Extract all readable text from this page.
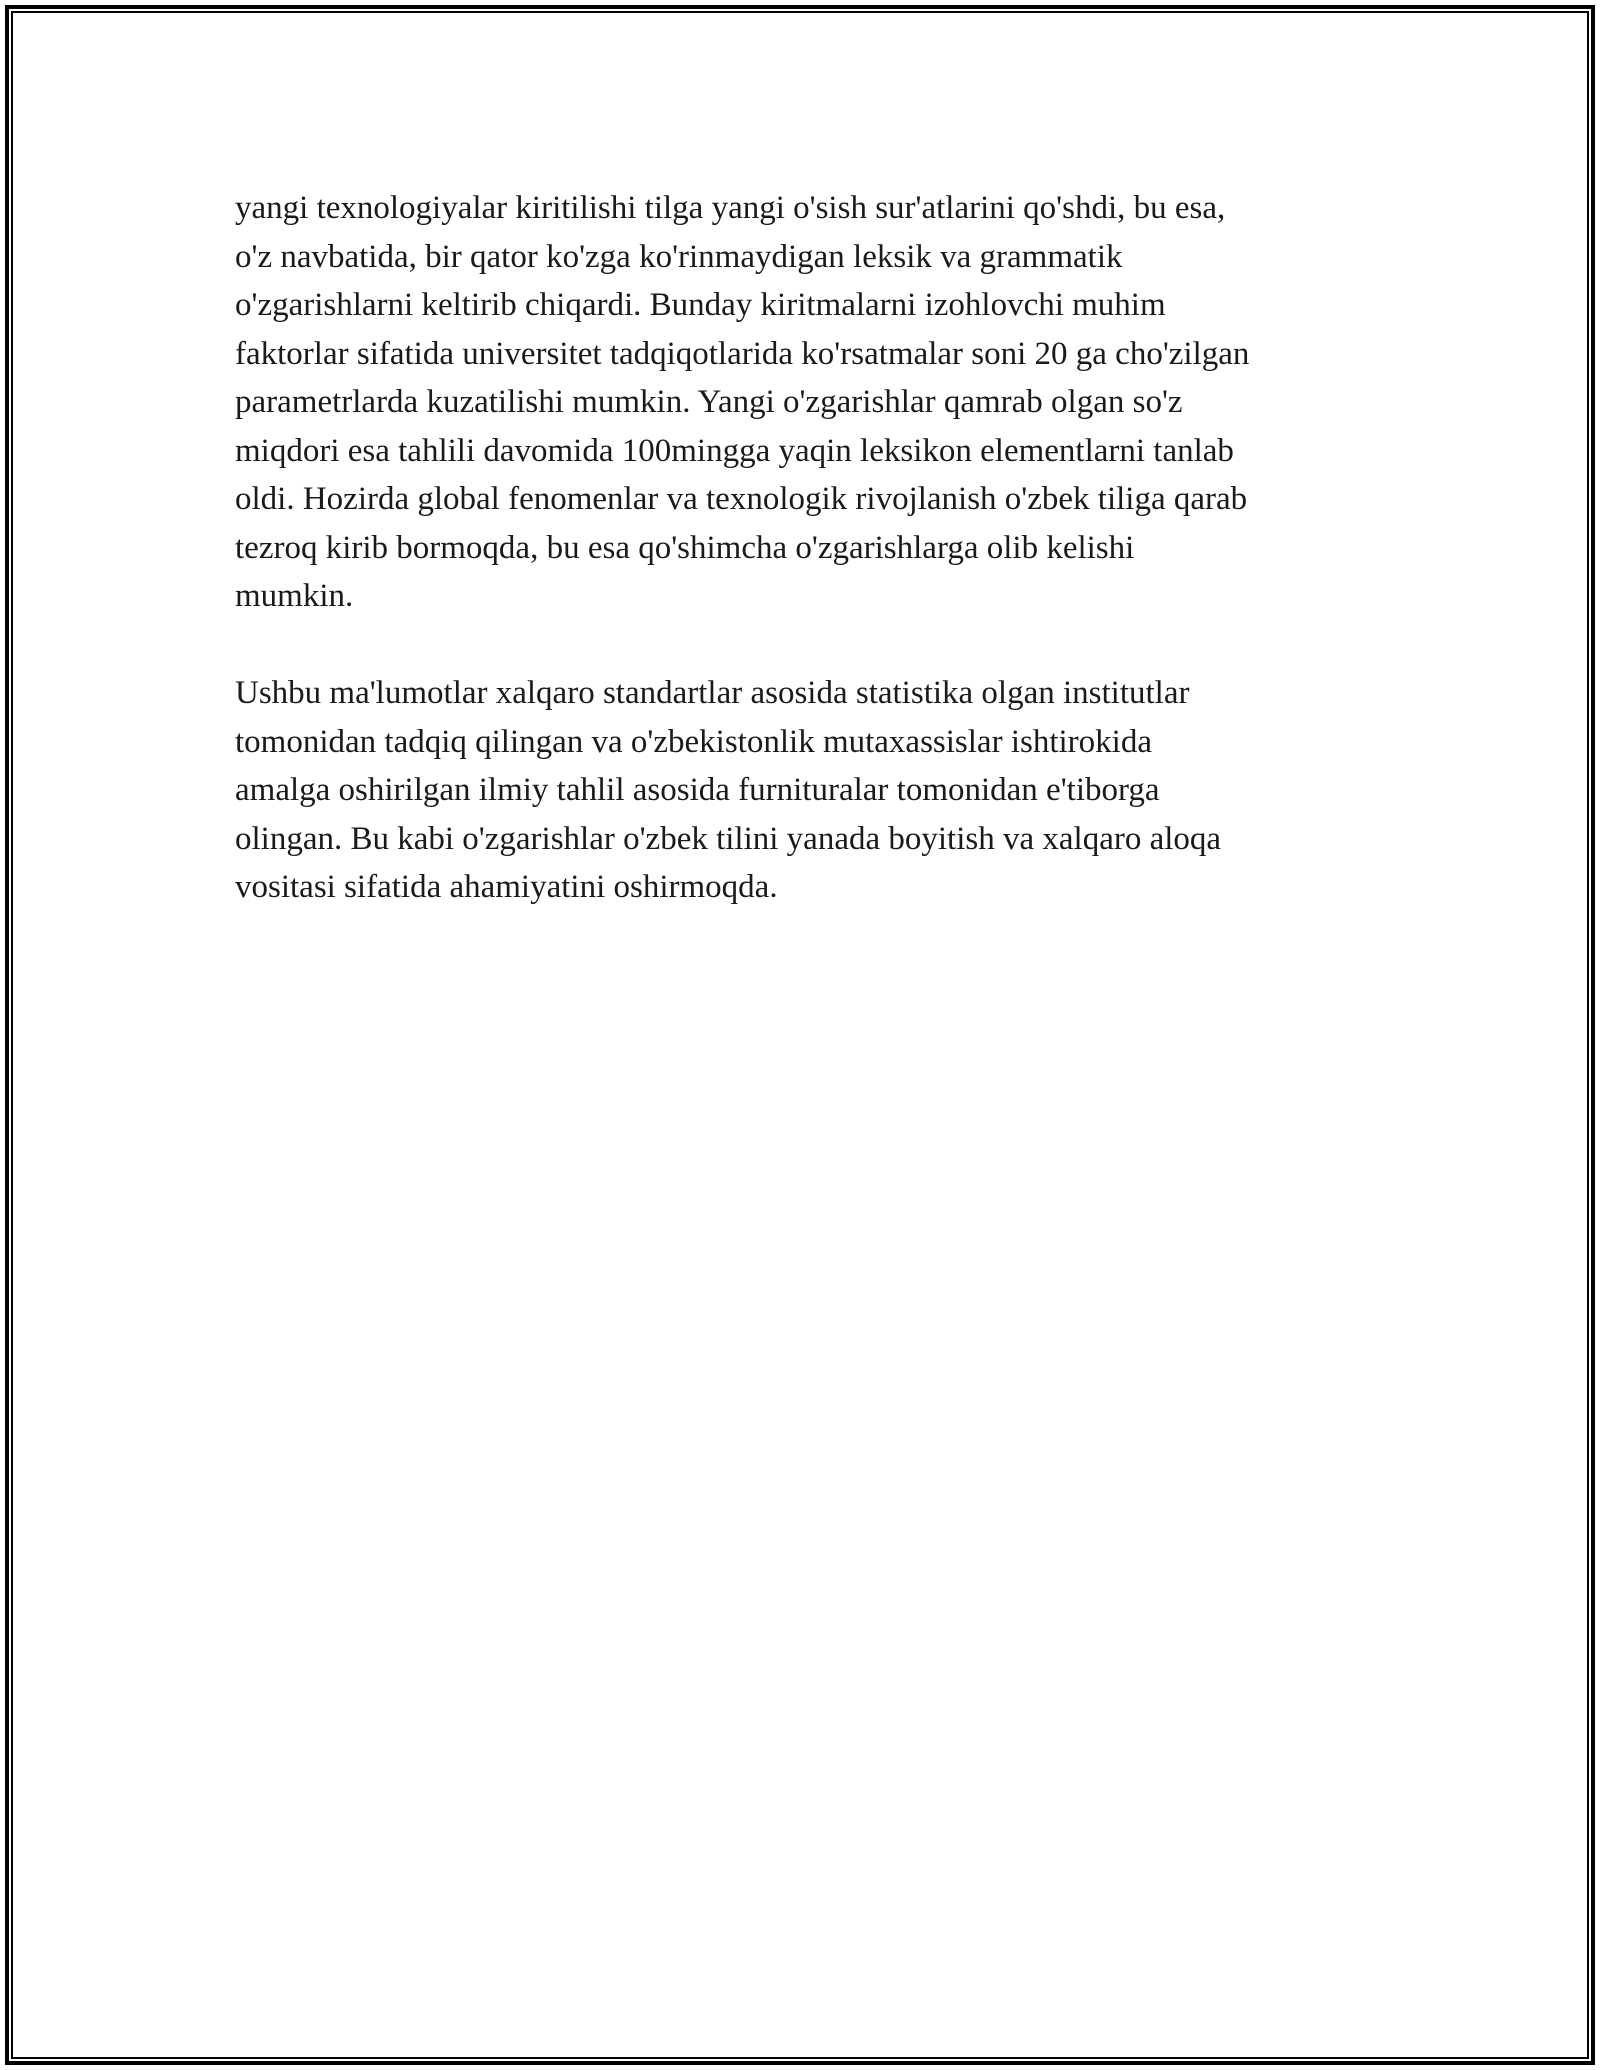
yangi texnologiyalar kiritilishi tilga yangi o'sish sur'atlarini qo'shdi, bu esa,
o'z navbatida, bir qator ko'zga ko'rinmaydigan leksik va grammatik
o'zgarishlarni keltirib chiqardi. Bunday kiritmalarni izohlovchi muhim
faktorlar sifatida universitet tadqiqotlarida ko'rsatmalar soni 20 ga cho'zilgan
parametrlarda kuzatilishi mumkin. Yangi o'zgarishlar qamrab olgan so'z
miqdori esa tahlili davomida 100mingga yaqin leksikon elementlarni tanlab
oldi. Hozirda global fenomenlar va texnologik rivojlanish o'zbek tiliga qarab
tezroq kirib bormoqda, bu esa qo'shimcha o'zgarishlarga olib kelishi
mumkin.

Ushbu ma'lumotlar xalqaro standartlar asosida statistika olgan institutlar
tomonidan tadqiq qilingan va o'zbekistonlik mutaxassislar ishtirokida
amalga oshirilgan ilmiy tahlil asosida furnituralar tomonidan e'tiborga
olingan. Bu kabi o'zgarishlar o'zbek tilini yanada boyitish va xalqaro aloqa
vositasi sifatida ahamiyatini oshirmoqda.
